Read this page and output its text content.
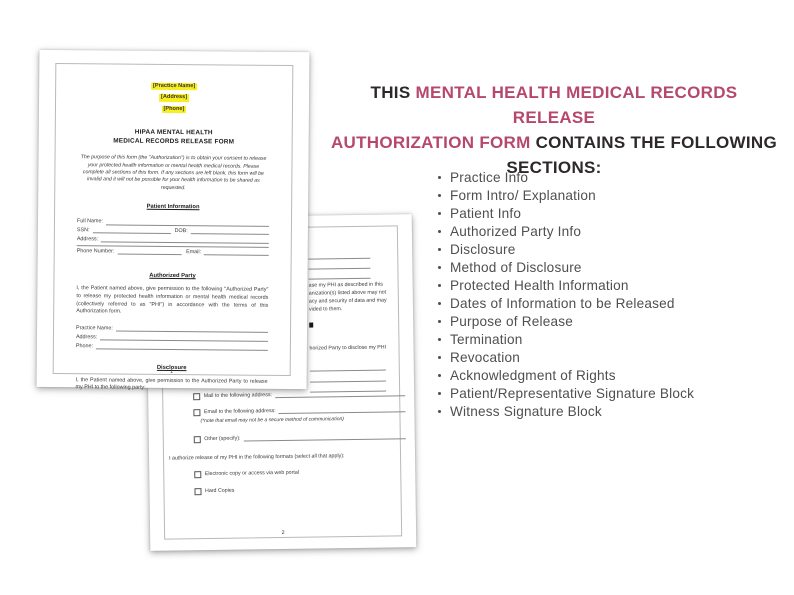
ase my PHI as described in this
anization(s) listed above may not
acy and security of data and may
vided to them.
horized Party to disclose my PHI
Mail to the following address:
Email to the following address:
(*note that email may not be a secure method of communication)
Other (specify):
I authorize release of my PHI in the following formats (select all that apply):
Electronic copy or access via web portal
Hard Copies
2
[Practice Name]
[Address]
[Phone]
HIPAA MENTAL HEALTH
MEDICAL RECORDS RELEASE FORM
The purpose of this form (the "Authorization") is to obtain your consent to release your protected health information or mental health medical records. Please complete all sections of this form. If any sections are left blank, this form will be invalid and it will not be possible for your health information to be shared as requested.
Patient Information
Full Name:
SSN:	DOB:
Address:
Phone Number:	Email:
Authorized Party
I, the Patient named above, give permission to the following "Authorized Party" to release my protected health information or mental health medical records (collectively referred to as "PHI") in accordance with the terms of this Authorization form.
Practice Name:
Address:
Phone:
Disclosure
I, the Patient named above, give permission to the Authorized Party to release my PHI to the following party:
1
THIS MENTAL HEALTH MEDICAL RECORDS RELEASE
AUTHORIZATION FORM CONTAINS THE FOLLOWING
SECTIONS:
Practice Info
Form Intro/ Explanation
Patient Info
Authorized Party Info
Disclosure
Method of Disclosure
Protected Health Information
Dates of Information to be Released
Purpose of Release
Termination
Revocation
Acknowledgment of Rights
Patient/Representative Signature Block
Witness Signature Block
